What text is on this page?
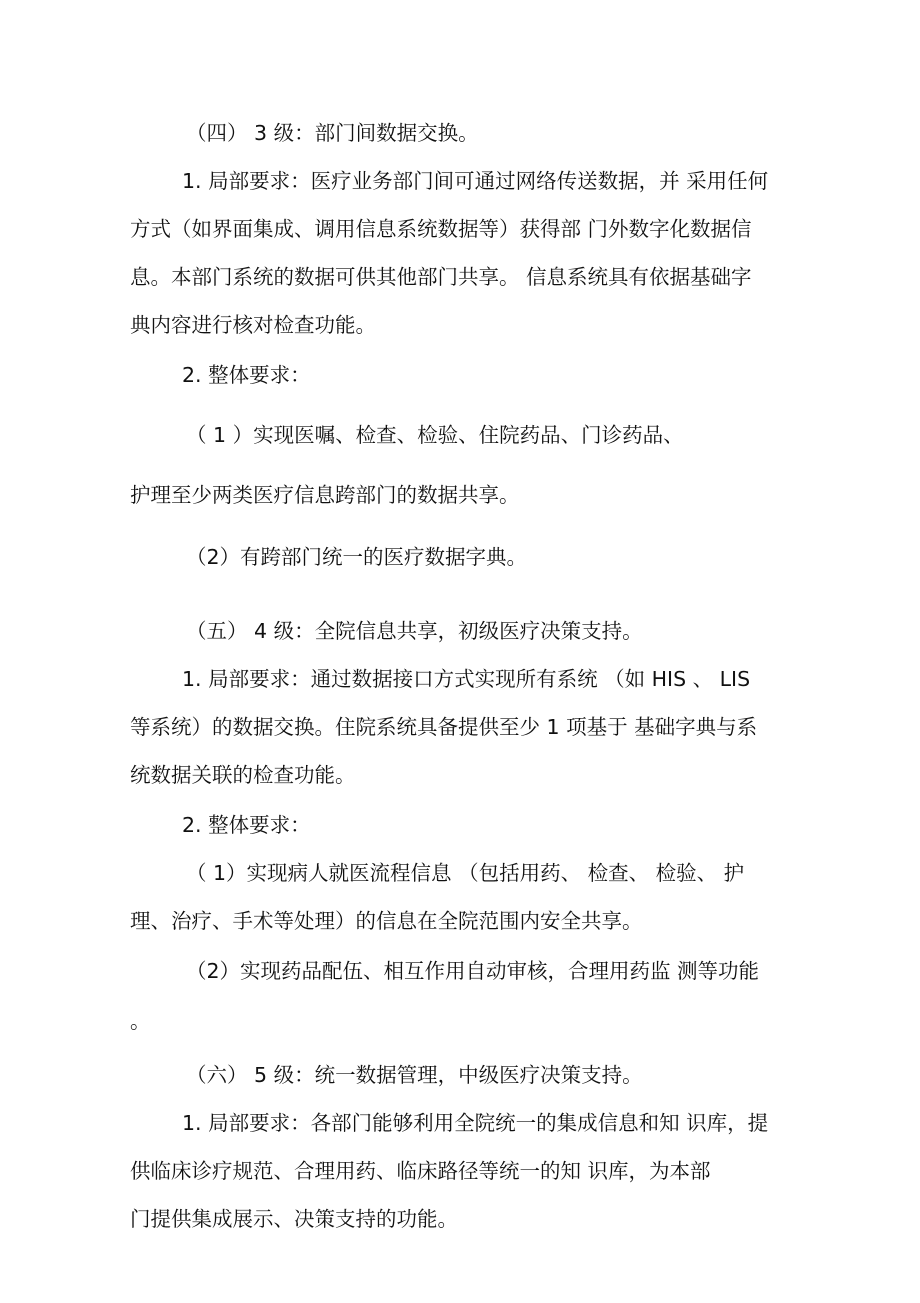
（四） 3 级：部门间数据交换。
1. 局部要求：医疗业务部门间可通过网络传送数据，并 采用任何
方式（如界面集成、调用信息系统数据等）获得部 门外数字化数据信
息。本部门系统的数据可供其他部门共享。 信息系统具有依据基础字
典内容进行核对检查功能。
2. 整体要求：
（ 1 ）实现医嘱、检查、检验、住院药品、门诊药品、
护理至少两类医疗信息跨部门的数据共享。
（2）有跨部门统一的医疗数据字典。
（五） 4 级：全院信息共享，初级医疗决策支持。
1. 局部要求：通过数据接口方式实现所有系统 （如 HIS 、 LIS
等系统）的数据交换。住院系统具备提供至少 1 项基于 基础字典与系
统数据关联的检查功能。
2. 整体要求：
（ 1）实现病人就医流程信息 （包括用药、 检查、 检验、 护
理、治疗、手术等处理）的信息在全院范围内安全共享。
（2）实现药品配伍、相互作用自动审核，合理用药监 测等功能
。
（六） 5 级：统一数据管理，中级医疗决策支持。
1. 局部要求：各部门能够利用全院统一的集成信息和知 识库，提
供临床诊疗规范、合理用药、临床路径等统一的知 识库，为本部
门提供集成展示、决策支持的功能。
